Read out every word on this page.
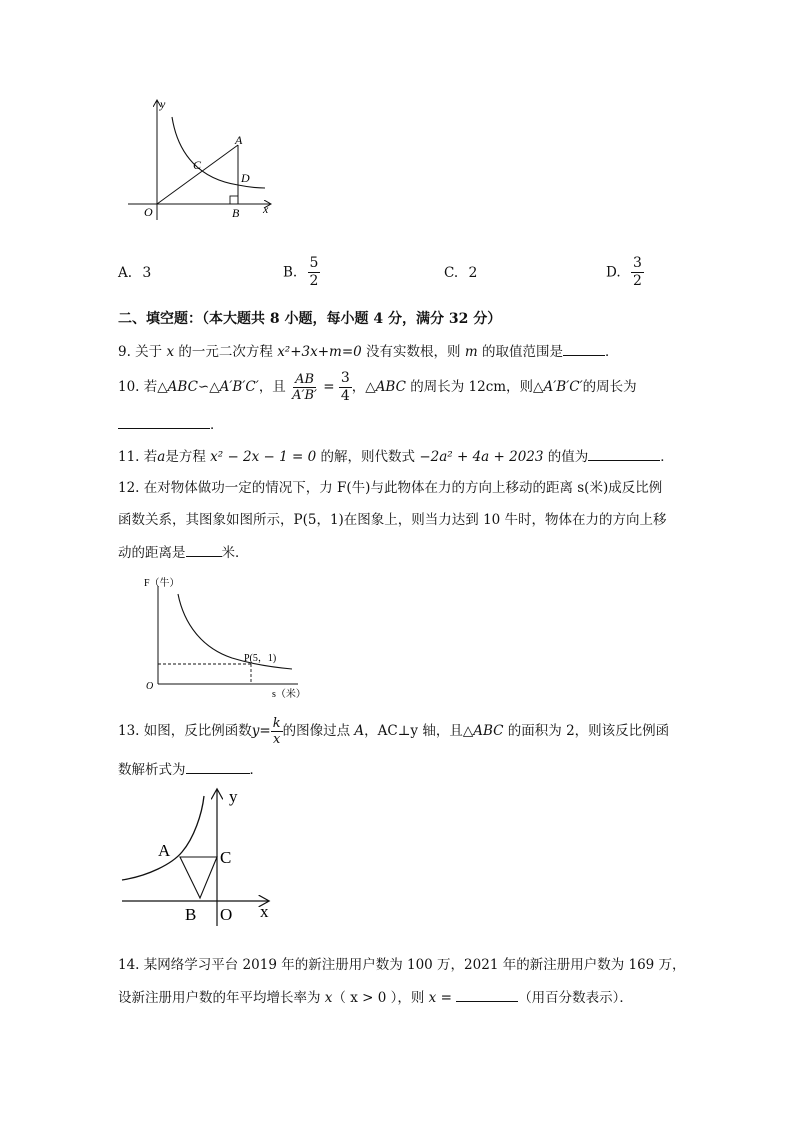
y
x
O
A
B
C
D
A. 3	B. $\frac{5}{2}$	C. 2	D. $\frac{3}{2}$
二、填空题：（本大题共 8 小题，每小题 4 分，满分 32 分）
9. 关于 x 的一元二次方程 x²+3x+m=0 没有实数根，则 m 的取值范围是	．
10. 若△ABC∽△A′B′C′，且 $\frac{AB}{A'B'} = \frac{3}{4}$ ，△ABC 的周长为 12cm，则△A′B′C′的周长为
．
11. 若a是方程 x² − 2x − 1 = 0 的解，则代数式 −2a² + 4a + 2023 的值为	．
12. 在对物体做功一定的情况下，力 F(牛)与此物体在力的方向上移动的距离 s(米)成反比例
函数关系，其图象如图所示，P(5，1)在图象上，则当力达到 10 牛时，物体在力的方向上移
动的距离是	米．
F（牛）
s（米）
O
P(5，1)
13. 如图，反比例函数$y= \frac{k}{x}$ 的图像过点 A，AC⊥y 轴，且△ABC 的面积为 2，则该反比例函
数解析式为	．
y
x
A
B
C
O
14. 某网络学习平台 2019 年的新注册用户数为 100 万，2021 年的新注册用户数为 169 万，
设新注册用户数的年平均增长率为 x（ x > 0 ），则 x =	（用百分数表示）．
